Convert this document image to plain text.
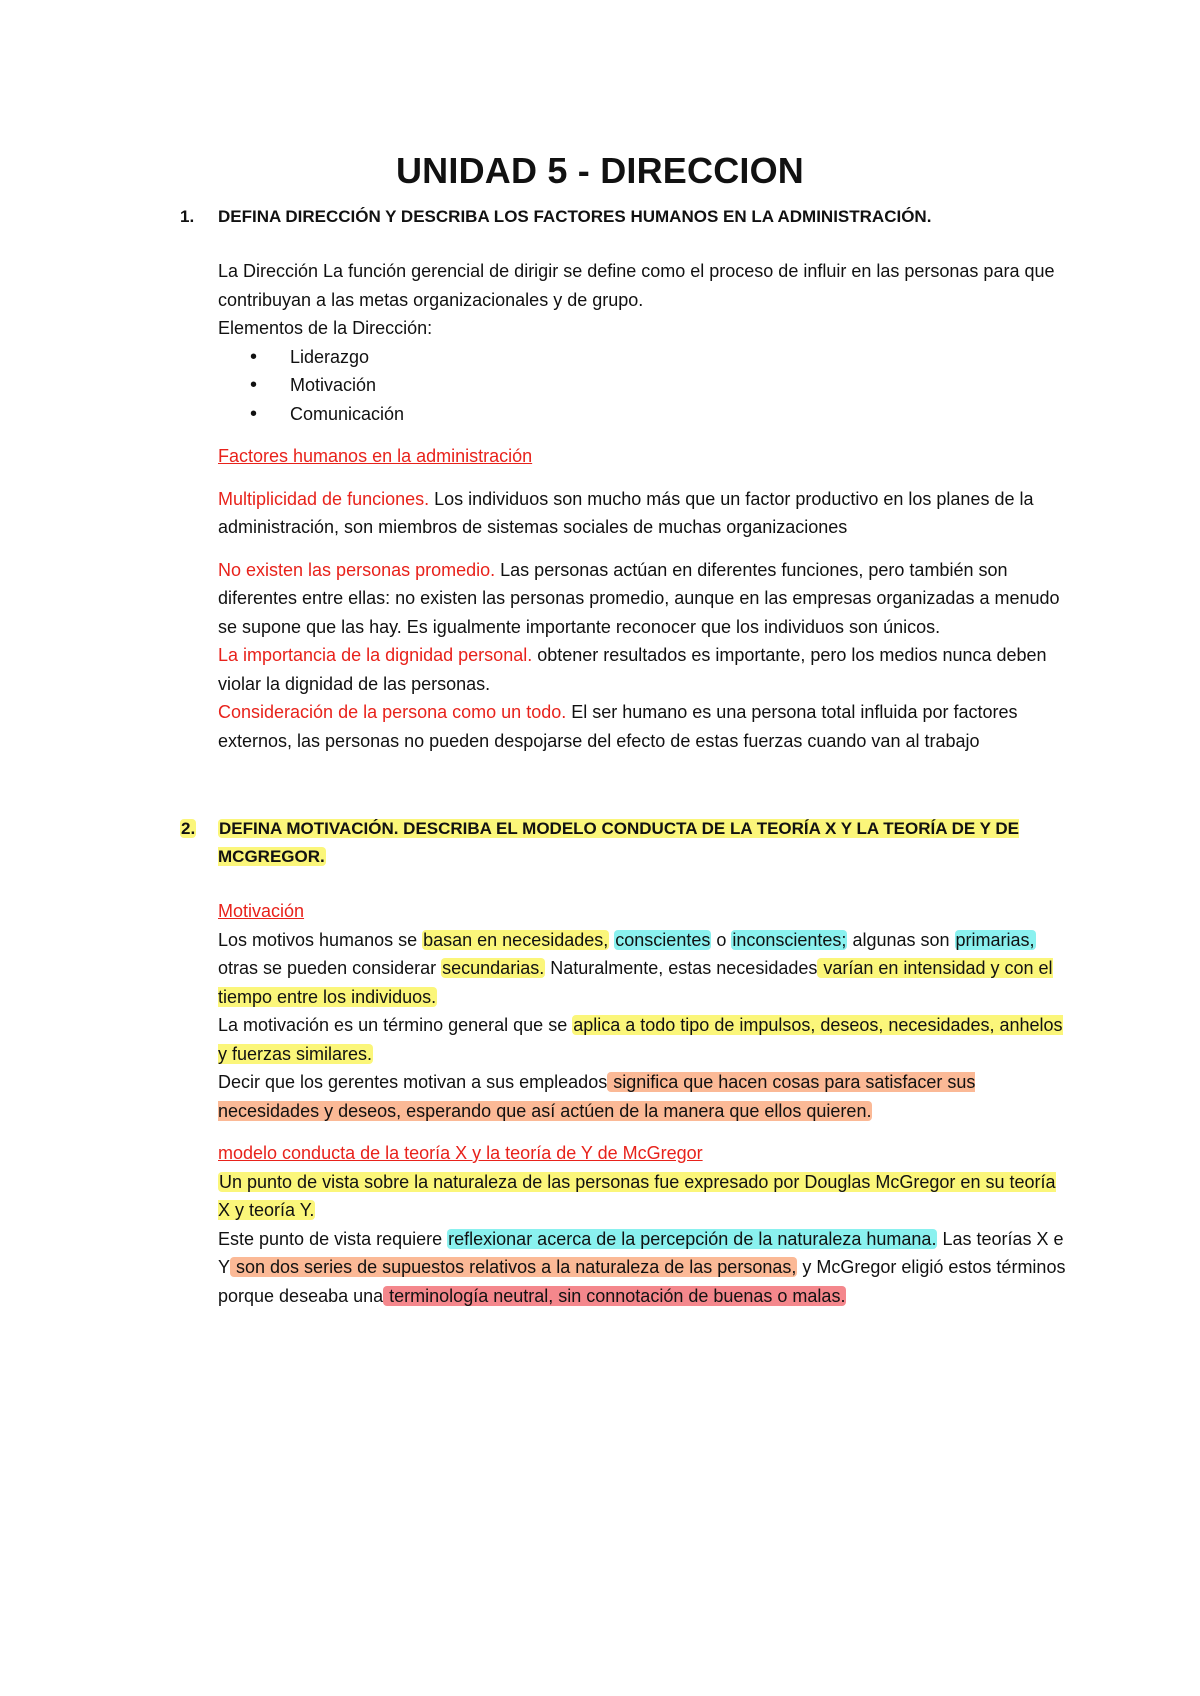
UNIDAD 5 - DIRECCION
1. DEFINA DIRECCIÓN Y DESCRIBA LOS FACTORES HUMANOS EN LA ADMINISTRACIÓN.

La Dirección La función gerencial de dirigir se define como el proceso de influir en las personas para que contribuyan a las metas organizacionales y de grupo.

Elementos de la Dirección:

• Liderazgo
• Motivación
• Comunicación

Factores humanos en la administración

Multiplicidad de funciones. Los individuos son mucho más que un factor productivo en los planes de la administración, son miembros de sistemas sociales de muchas organizaciones

No existen las personas promedio. Las personas actúan en diferentes funciones, pero también son diferentes entre ellas: no existen las personas promedio, aunque en las empresas organizadas a menudo se supone que las hay. Es igualmente importante reconocer que los individuos son únicos.

La importancia de la dignidad personal. obtener resultados es importante, pero los medios nunca deben violar la dignidad de las personas.

Consideración de la persona como un todo. El ser humano es una persona total influida por factores externos, las personas no pueden despojarse del efecto de estas fuerzas cuando van al trabajo

2. DEFINA MOTIVACIÓN. DESCRIBA EL MODELO CONDUCTA DE LA TEORÍA X Y LA TEORÍA DE Y DE MCGREGOR.

Motivación

Los motivos humanos se basan en necesidades, conscientes o inconscientes; algunas son primarias, otras se pueden considerar secundarias. Naturalmente, estas necesidades varían en intensidad y con el tiempo entre los individuos.

La motivación es un término general que se aplica a todo tipo de impulsos, deseos, necesidades, anhelos y fuerzas similares.

Decir que los gerentes motivan a sus empleados significa que hacen cosas para satisfacer sus necesidades y deseos, esperando que así actúen de la manera que ellos quieren.

modelo conducta de la teoría X y la teoría de Y de McGregor

Un punto de vista sobre la naturaleza de las personas fue expresado por Douglas McGregor en su teoría X y teoría Y.

Este punto de vista requiere reflexionar acerca de la percepción de la naturaleza humana. Las teorías X e Y son dos series de supuestos relativos a la naturaleza de las personas, y McGregor eligió estos términos porque deseaba una terminología neutral, sin connotación de buenas o malas.
